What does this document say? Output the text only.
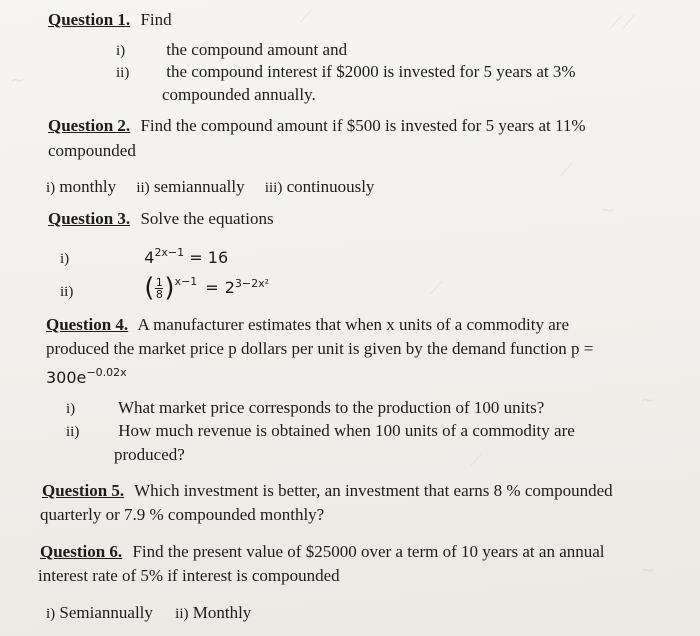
⟋	⟋⟋
∼
⟋
∼
⟋
∼
⟋
∼
Question 1. Find
i) the compound amount and
ii) the compound interest if $2000 is invested for 5 years at 3%
compounded annually.
Question 2. Find the compound amount if $500 is invested for 5 years at 11%
compounded
i) monthly ii) semiannually iii) continuously
Question 3. Solve the equations
i)	$4^{2x-1} = 16$
ii)	( $\frac{1}{8} )^{x-1} = 2^{3-2x^2}$
Question 4. A manufacturer estimates that when x units of a commodity are
produced the market price p dollars per unit is given by the demand function p =
$300e^{-0.02x}$
i)	What market price corresponds to the production of 100 units?
ii) How much revenue is obtained when 100 units of a commodity are
produced?
Question 5. Which investment is better, an investment that earns 8 % compounded
quarterly or 7.9 % compounded monthly?
Question 6. Find the present value of $25000 over a term of 10 years at an annual
interest rate of 5% if interest is compounded
i) Semiannually ii) Monthly
